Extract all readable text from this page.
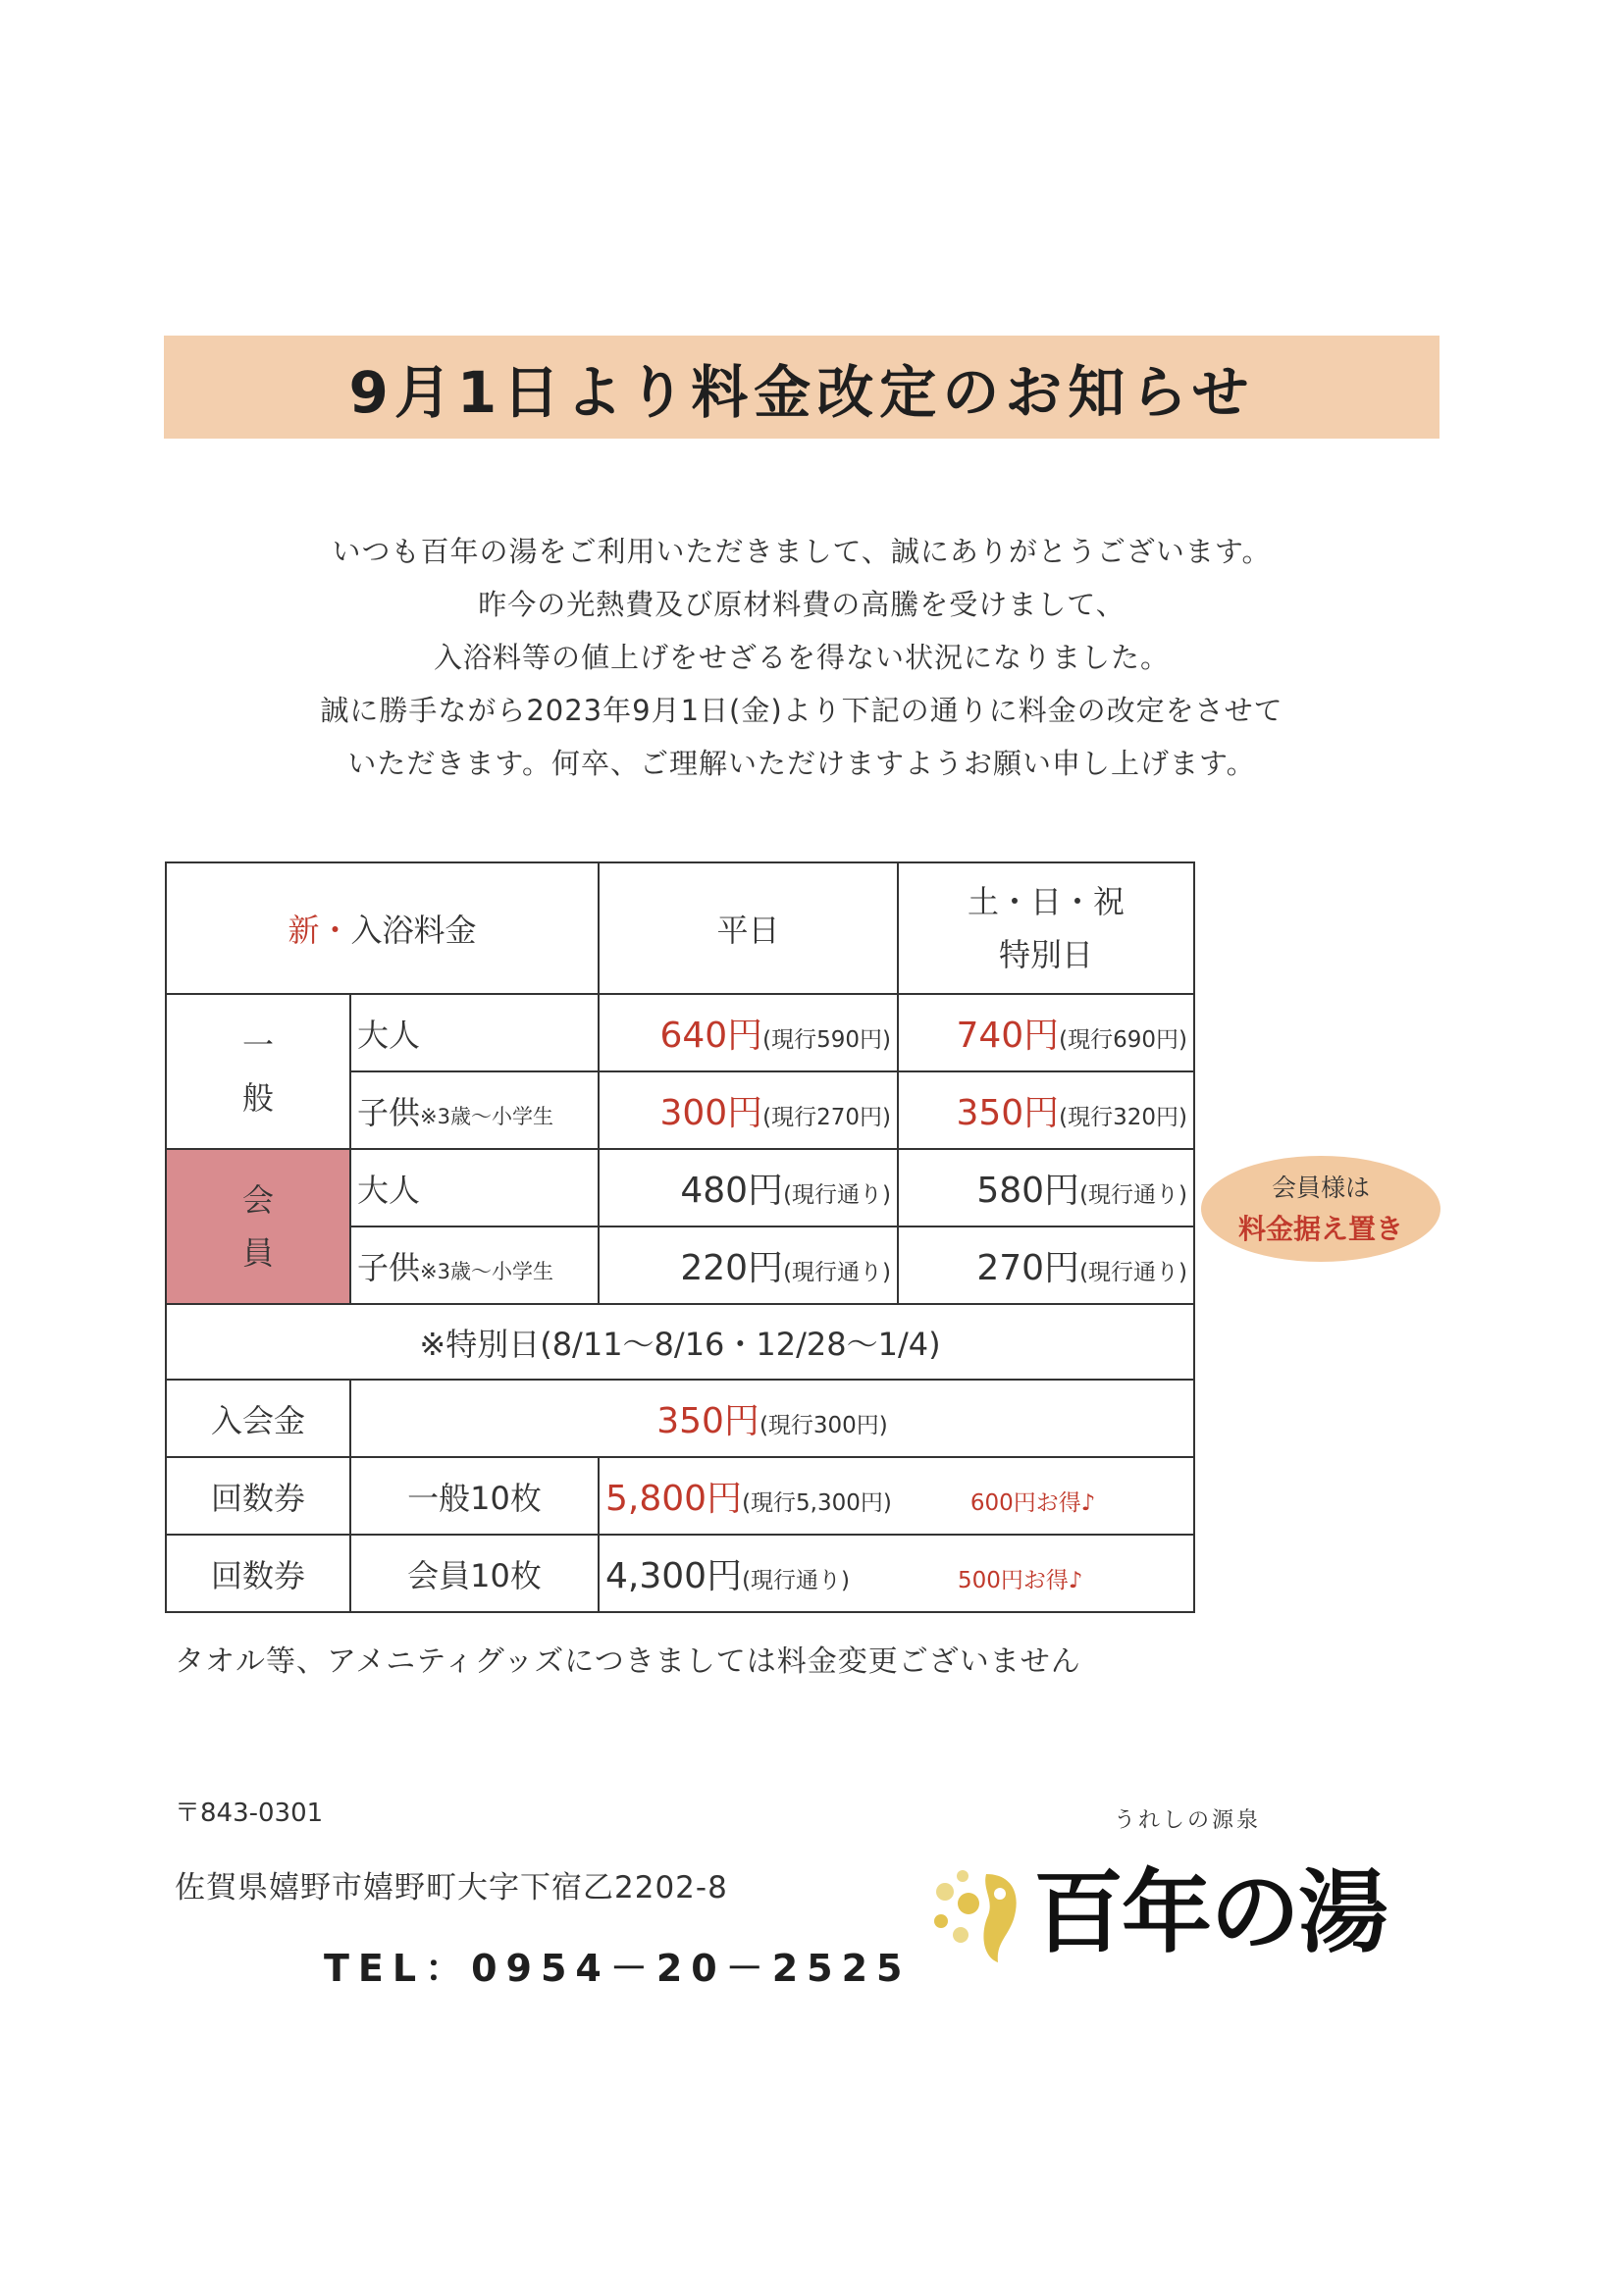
9月1日より料金改定のお知らせ

いつも百年の湯をご利用いただきまして、誠にありがとうございます。

昨今の光熱費及び原材料費の高騰を受けまして、

入浴料等の値上げをせざるを得ない状況になりました。

誠に勝手ながら2023年9月1日(金)より下記の通りに料金の改定をさせて

いただきます。何卒、ご理解いただけますようお願い申し上げます。

新・入浴料金		平日	土・日・祝
特別日

一
般	大人	640円(現行590円)	740円(現行690円)
	子供※3歳～小学生	300円(現行270円)	350円(現行320円)

会
員	大人	480円(現行通り)	580円(現行通り)
	子供※3歳～小学生	220円(現行通り)	270円(現行通り)
※特別日(8/11～8/16・12/28～1/4)			
入会金	350円(現行300円)		
回数券	一般10枚	5,800円(現行5,300円) 600円お得♪	
回数券	会員10枚	4,300円(現行通り) 500円お得♪	
会員様は
料金据え置き
タオル等、アメニティグッズにつきましては料金変更ございません
〒843-0301
佐賀県嬉野市嬉野町大字下宿乙2202-8
TEL：0954－20－2525
うれしの源泉
百年の湯
